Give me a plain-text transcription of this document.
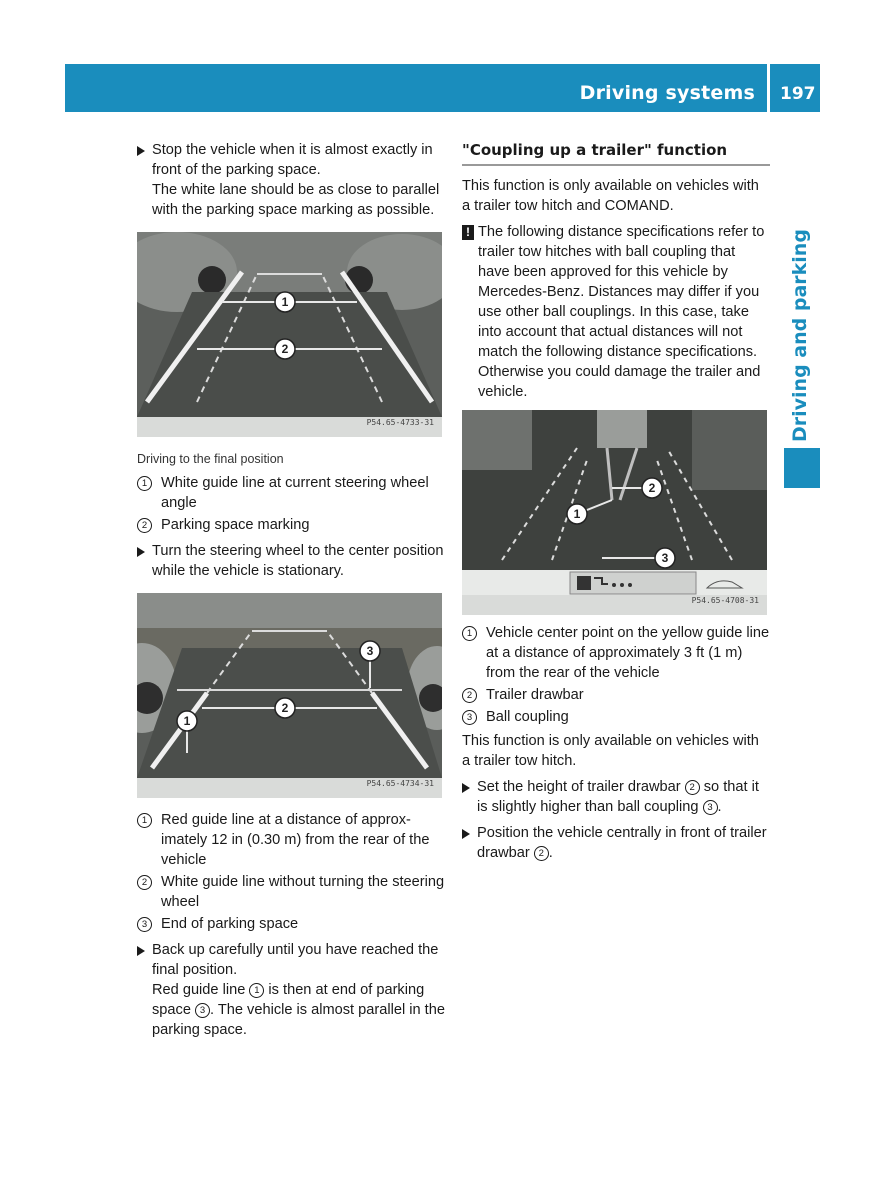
Driving systems 197
Driving and parking
Stop the vehicle when it is almost exactly in front of the parking space.
The white lane should be as close to parallel with the parking space marking as possible.
1
2
P54.65-4733-31
Driving to the final position
1 White guide line at current steering wheel angle
2 Parking space marking
Turn the steering wheel to the center position while the vehicle is stationary.
1
2
3
P54.65-4734-31
1 Red guide line at a distance of approximately 12 in (0.30 m) from the rear of the vehicle
2 White guide line without turning the steering wheel
3 End of parking space
Back up carefully until you have reached the final position.
Red guide line 1 is then at end of parking space 3 . The vehicle is almost parallel in the parking space.
"Coupling up a trailer" function
This function is only available on vehicles with a trailer tow hitch and COMAND.
! The following distance specifications refer to trailer tow hitches with ball coupling that have been approved for this vehicle by Mercedes-Benz. Distances may differ if you use other ball couplings. In this case, take into account that actual distances will not match the following distance specifications. Otherwise you could damage the trailer and vehicle.
1
2
3
P54.65-4708-31
1 Vehicle center point on the yellow guide line at a distance of approximately 3 ft (1 m) from the rear of the vehicle
2 Trailer drawbar
3 Ball coupling
This function is only available on vehicles with a trailer tow hitch.
Set the height of trailer drawbar 2 so that it is slightly higher than ball coupling 3 .
Position the vehicle centrally in front of trailer drawbar 2 .
